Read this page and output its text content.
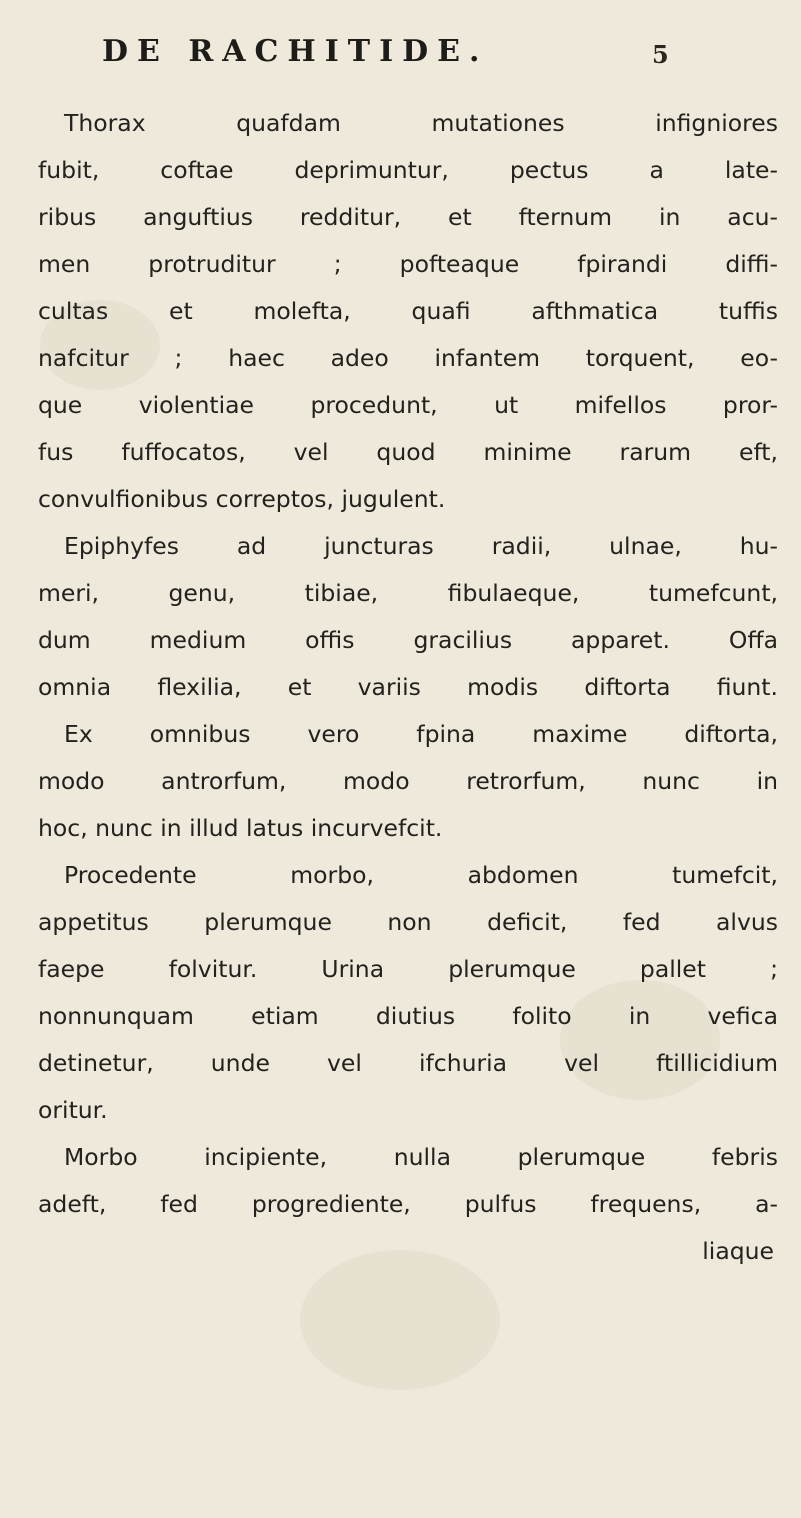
DE RACHITIDE.	5
Thorax quafdam mutationes infigniores
fubit, coftae deprimuntur, pectus a late-
ribus anguftius redditur, et fternum in acu-
men protruditur ; pofteaque fpirandi diffi-
cultas et molefta, quafi afthmatica tuffis
nafcitur ; haec adeo infantem torquent, eo-
que violentiae procedunt, ut mifellos pror-
fus fuffocatos, vel quod minime rarum eft,
convulfionibus correptos, jugulent.
Epiphyfes ad juncturas radii, ulnae, hu-
meri, genu, tibiae, fibulaeque, tumefcunt,
dum medium offis gracilius apparet. Offa
omnia flexilia, et variis modis diftorta fiunt.
Ex omnibus vero fpina maxime diftorta,
modo antrorfum, modo retrorfum, nunc in
hoc, nunc in illud latus incurvefcit.
Procedente morbo, abdomen tumefcit,
appetitus plerumque non deficit, fed alvus
faepe folvitur. Urina plerumque pallet ;
nonnunquam etiam diutius folito in vefica
detinetur, unde vel ifchuria vel ftillicidium
oritur.
Morbo incipiente, nulla plerumque febris
adeft, fed progrediente, pulfus frequens, a-
liaque
